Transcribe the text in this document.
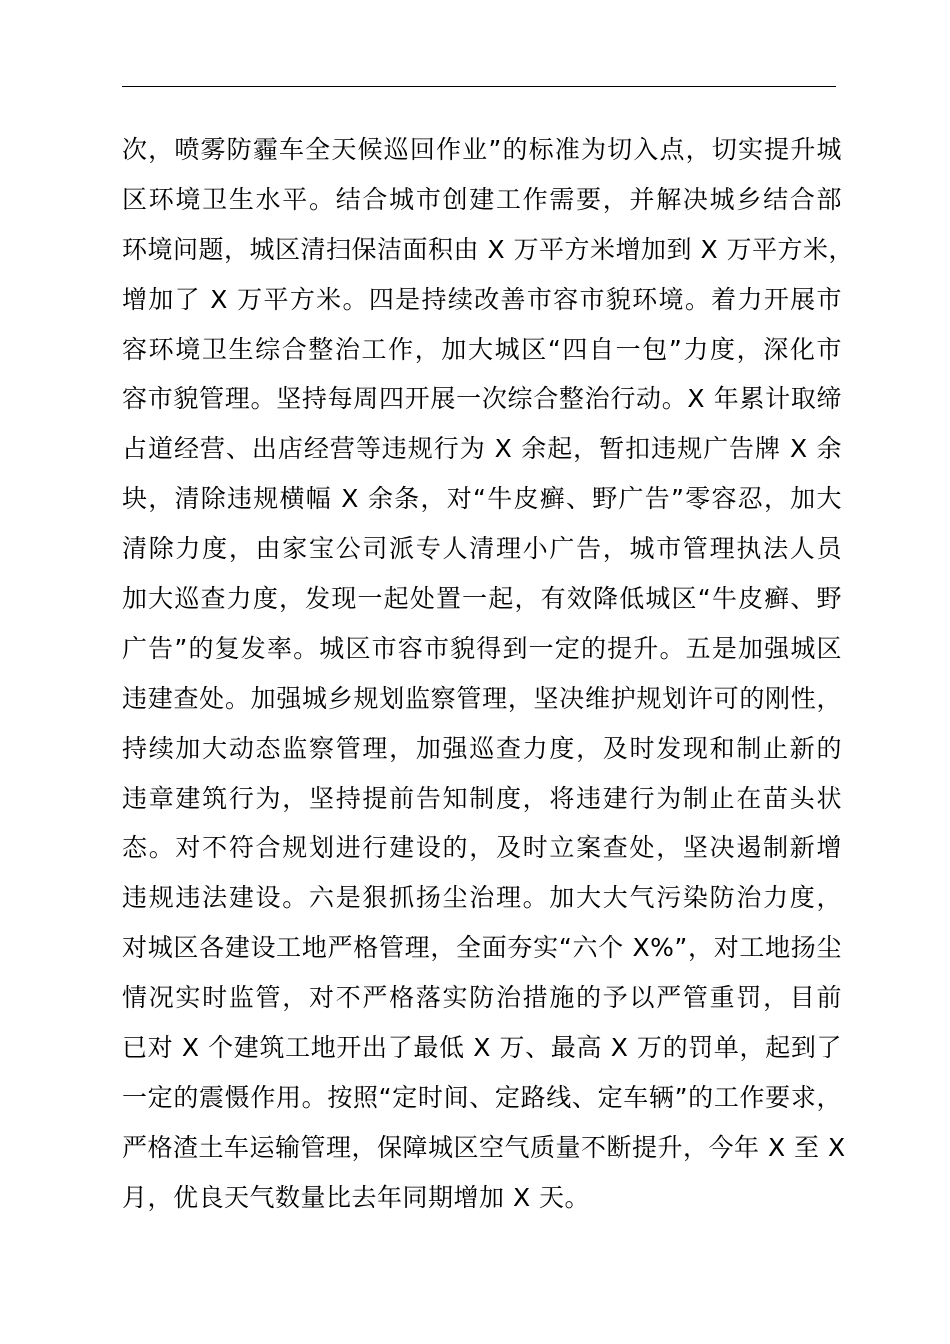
次，喷雾防霾车全天候巡回作业”的标准为切入点，切实提升城
区环境卫生水平。结合城市创建工作需要，并解决城乡结合部
环境问题，城区清扫保洁面积由 X 万平方米增加到 X 万平方米，
增加了 X 万平方米。四是持续改善市容市貌环境。着力开展市
容环境卫生综合整治工作，加大城区“四自一包”力度，深化市
容市貌管理。坚持每周四开展一次综合整治行动。X 年累计取缔
占道经营、出店经营等违规行为 X 余起，暂扣违规广告牌 X 余
块，清除违规横幅 X 余条，对“牛皮癣、野广告”零容忍，加大
清除力度，由家宝公司派专人清理小广告，城市管理执法人员
加大巡查力度，发现一起处置一起，有效降低城区“牛皮癣、野
广告”的复发率。城区市容市貌得到一定的提升。五是加强城区
违建查处。加强城乡规划监察管理，坚决维护规划许可的刚性，
持续加大动态监察管理，加强巡查力度，及时发现和制止新的
违章建筑行为，坚持提前告知制度，将违建行为制止在苗头状
态。对不符合规划进行建设的，及时立案查处，坚决遏制新增
违规违法建设。六是狠抓扬尘治理。加大大气污染防治力度，
对城区各建设工地严格管理，全面夯实“六个 X%”，对工地扬尘
情况实时监管，对不严格落实防治措施的予以严管重罚，目前
已对 X 个建筑工地开出了最低 X 万、最高 X 万的罚单，起到了
一定的震慑作用。按照“定时间、定路线、定车辆”的工作要求，
严格渣土车运输管理，保障城区空气质量不断提升，今年 X 至 X
月，优良天气数量比去年同期增加 X 天。
